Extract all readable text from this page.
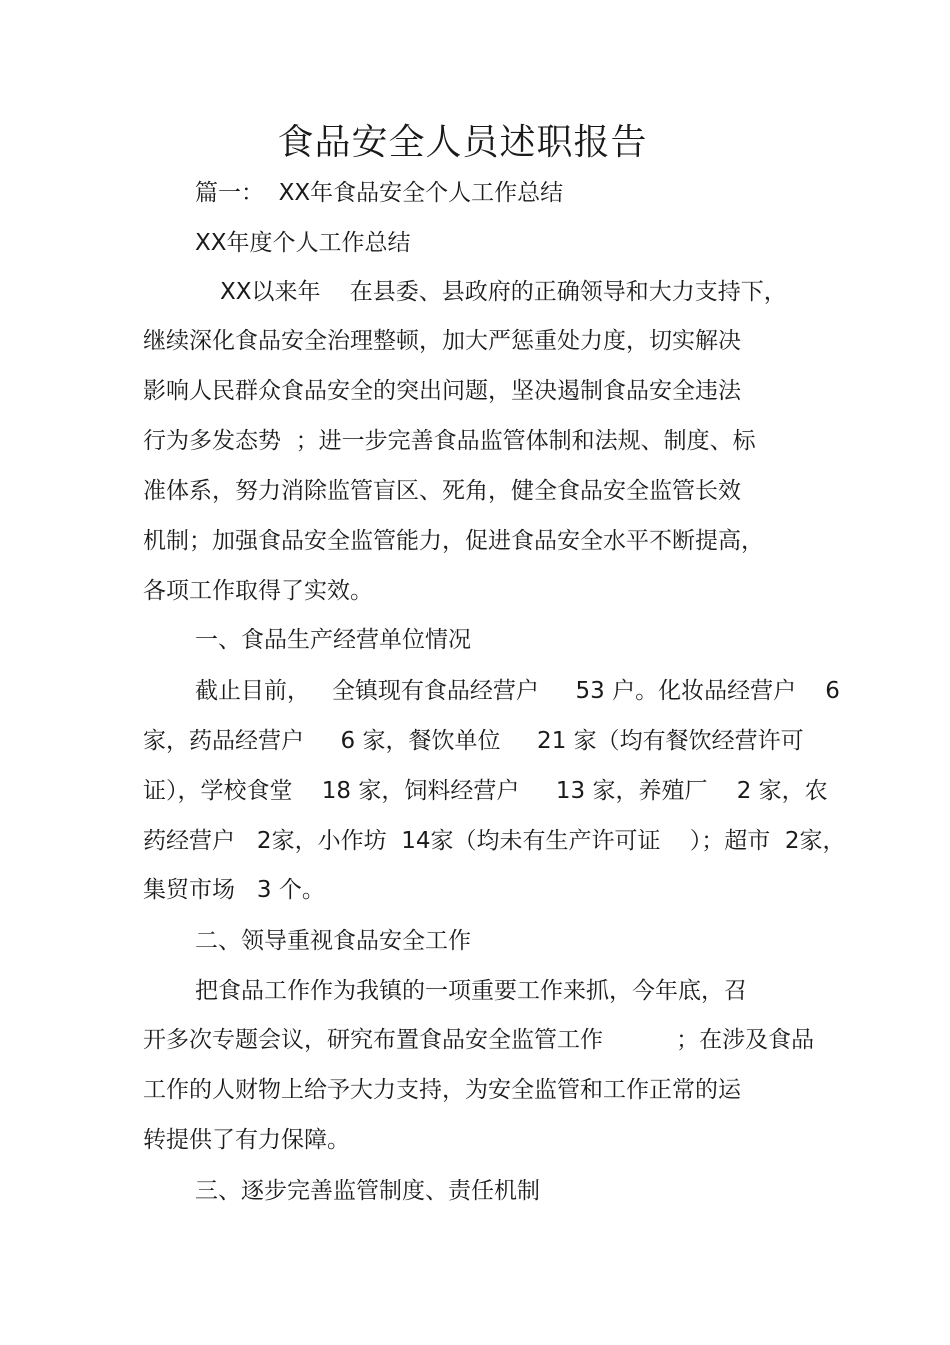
食品安全人员述职报告
篇一：  XX年食品安全个人工作总结
XX年度个人工作总结
XX以来年    在县委、县政府的正确领导和大力支持下，
继续深化食品安全治理整顿，加大严惩重处力度，切实解决
影响人民群众食品安全的突出问题，坚决遏制食品安全违法
行为多发态势  ；进一步完善食品监管体制和法规、制度、标
准体系，努力消除监管盲区、死角，健全食品安全监管长效
机制；加强食品安全监管能力，促进食品安全水平不断提高，
各项工作取得了实效。
一、食品生产经营单位情况
截止目前，   全镇现有食品经营户     53 户。化妆品经营户    6
家，药品经营户     6 家，餐饮单位     21 家（均有餐饮经营许可
证），学校食堂    18 家，饲料经营户     13 家，养殖厂    2 家，农
药经营户   2家，小作坊  14家（均未有生产许可证    ）；超市  2家，
集贸市场   3 个。
二、领导重视食品安全工作
把食品工作作为我镇的一项重要工作来抓，今年底，召
开多次专题会议，研究布置食品安全监管工作          ；在涉及食品
工作的人财物上给予大力支持，为安全监管和工作正常的运
转提供了有力保障。
三、逐步完善监管制度、责任机制
